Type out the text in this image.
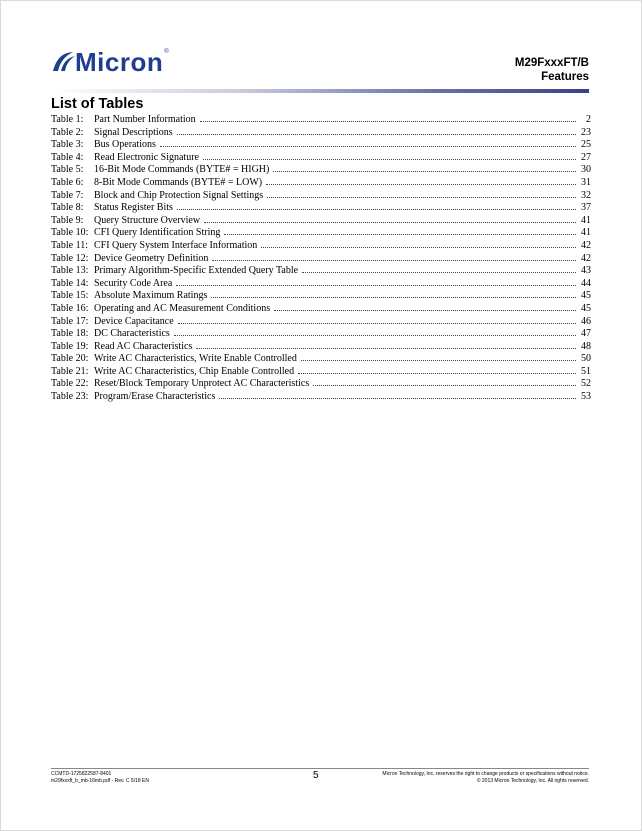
Micron ®
M29FxxxFT/B
Features
List of Tables
Table 1:	Part Number Information	2
Table 2:	Signal Descriptions	23
Table 3:	Bus Operations	25
Table 4:	Read Electronic Signature	27
Table 5:	16-Bit Mode Commands (BYTE# = HIGH)	30
Table 6:	8-Bit Mode Commands (BYTE# = LOW)	31
Table 7:	Block and Chip Protection Signal Settings	32
Table 8:	Status Register Bits	37
Table 9:	Query Structure Overview	41
Table 10: CFI Query Identification String	41
Table 11: CFI Query System Interface Information	42
Table 12: Device Geometry Definition	42
Table 13: Primary Algorithm-Specific Extended Query Table	43
Table 14: Security Code Area	44
Table 15: Absolute Maximum Ratings	45
Table 16: Operating and AC Measurement Conditions	45
Table 17: Device Capacitance	46
Table 18: DC Characteristics	47
Table 19: Read AC Characteristics	48
Table 20: Write AC Characteristics, Write Enable Controlled	50
Table 21: Write AC Characteristics, Chip Enable Controlled	51
Table 22: Reset/Block Temporary Unprotect AC Characteristics	52
Table 23: Program/Erase Characteristics	53
CCMTD-1725822587-8401
m29fxxxft_b_mb-16mb.pdf - Rev. C 5/18 EN	5	Micron Technology, Inc. reserves the right to change products or specifications without notice.
© 2013 Micron Technology, Inc. All rights reserved.
